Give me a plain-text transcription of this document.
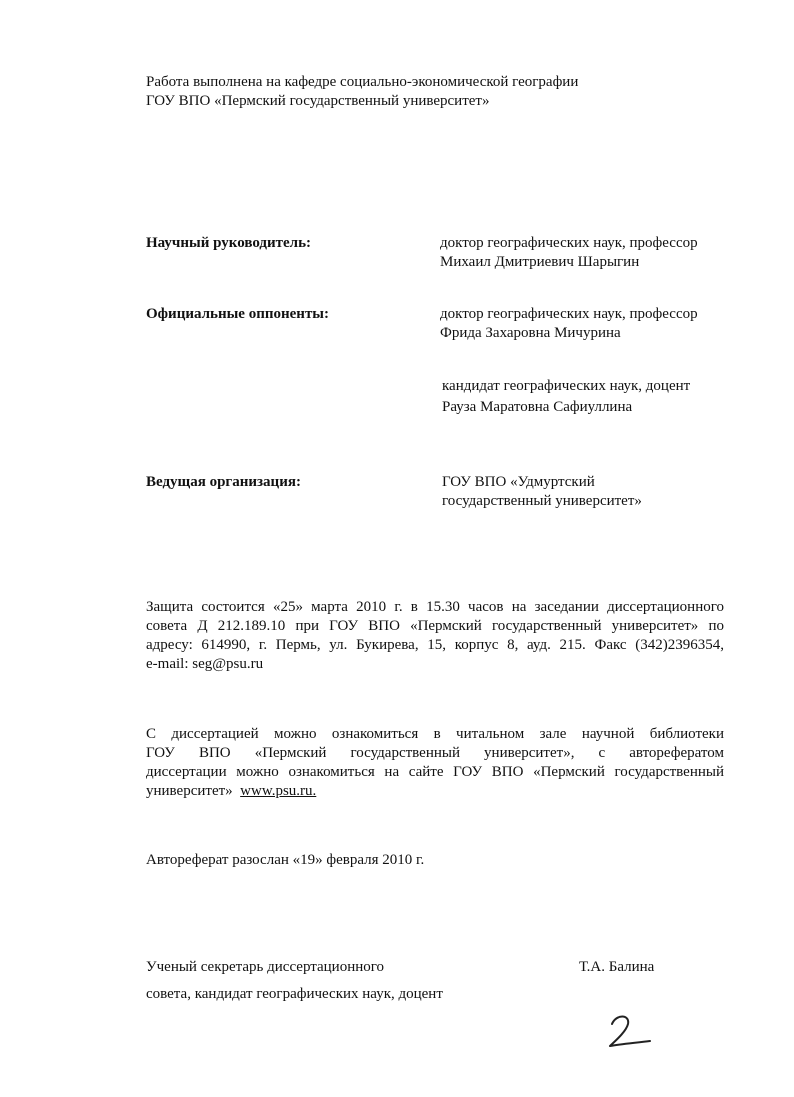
Работа выполнена на кафедре социально-экономической географии
ГОУ ВПО «Пермский государственный университет»
Научный руководитель:	доктор географических наук, профессор
Михаил Дмитриевич Шарыгин
Официальные оппоненты:	доктор географических наук, профессор
Фрида Захаровна Мичурина
кандидат географических наук, доцент
Рауза Маратовна Сафиуллина
Ведущая организация:	ГОУ ВПО «Удмуртский
государственный университет»
Защита состоится «25» марта 2010 г. в 15.30 часов на заседании диссертационного
совета Д 212.189.10 при ГОУ ВПО «Пермский государственный университет» по
адресу: 614990, г. Пермь, ул. Букирева, 15, корпус 8, ауд. 215. Факс (342)2396354,
e-mail: seg@psu.ru
С диссертацией можно ознакомиться в читальном зале научной библиотеки
ГОУ ВПО «Пермский государственный университет», с авторефератом
диссертации можно ознакомиться на сайте ГОУ ВПО «Пермский государственный
университет» www.psu.ru.
Автореферат разослан «19» февраля 2010 г.
Ученый секретарь диссертационного
совета, кандидат географических наук, доцент
Т.А. Балина
